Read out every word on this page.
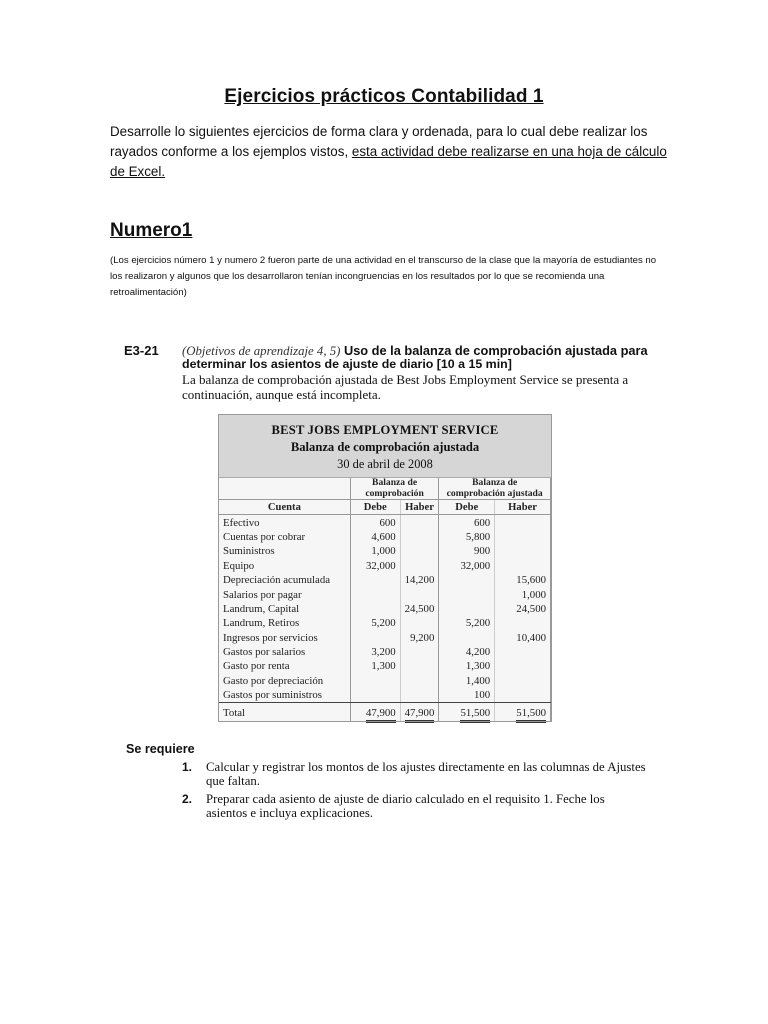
Ejercicios prácticos Contabilidad 1
Desarrolle lo siguientes ejercicios de forma clara y ordenada, para lo cual debe realizar los rayados conforme a los ejemplos vistos, esta actividad debe realizarse en una hoja de cálculo de Excel.
Numero1
(Los ejercicios número 1 y numero 2 fueron parte de una actividad en el transcurso de la clase que la mayoría de estudiantes no los realizaron y algunos que los desarrollaron tenían incongruencias en los resultados por lo que se recomienda una retroalimentación)
E3-21 (Objetivos de aprendizaje 4, 5) Uso de la balanza de comprobación ajustada para
determinar los asientos de ajuste de diario [10 a 15 min]
La balanza de comprobación ajustada de Best Jobs Employment Service se presenta a continuación, aunque está incompleta.
BEST JOBS EMPLOYMENT SERVICE
Balanza de comprobación ajustada
30 de abril de 2008
	Balanza de comprobación		Balanza de comprobación ajustada	
Cuenta	Debe	Haber	Debe	Haber
Efectivo	600		600	
Cuentas por cobrar	4,600		5,800	
Suministros	1,000		900	
Equipo	32,000		32,000	
Depreciación acumulada		14,200		15,600
Salarios por pagar				1,000
Landrum, Capital		24,500		24,500
Landrum, Retiros	5,200		5,200	
Ingresos por servicios		9,200		10,400
Gastos por salarios	3,200		4,200	
Gasto por renta	1,300		1,300	
Gasto por depreciación			1,400	
Gastos por suministros			100	
Total	47,900	47,900	51,500	51,500
Se requiere
1. Calcular y registrar los montos de los ajustes directamente en las columnas de Ajustes que faltan.
2. Preparar cada asiento de ajuste de diario calculado en el requisito 1. Feche los asientos e incluya explicaciones.
